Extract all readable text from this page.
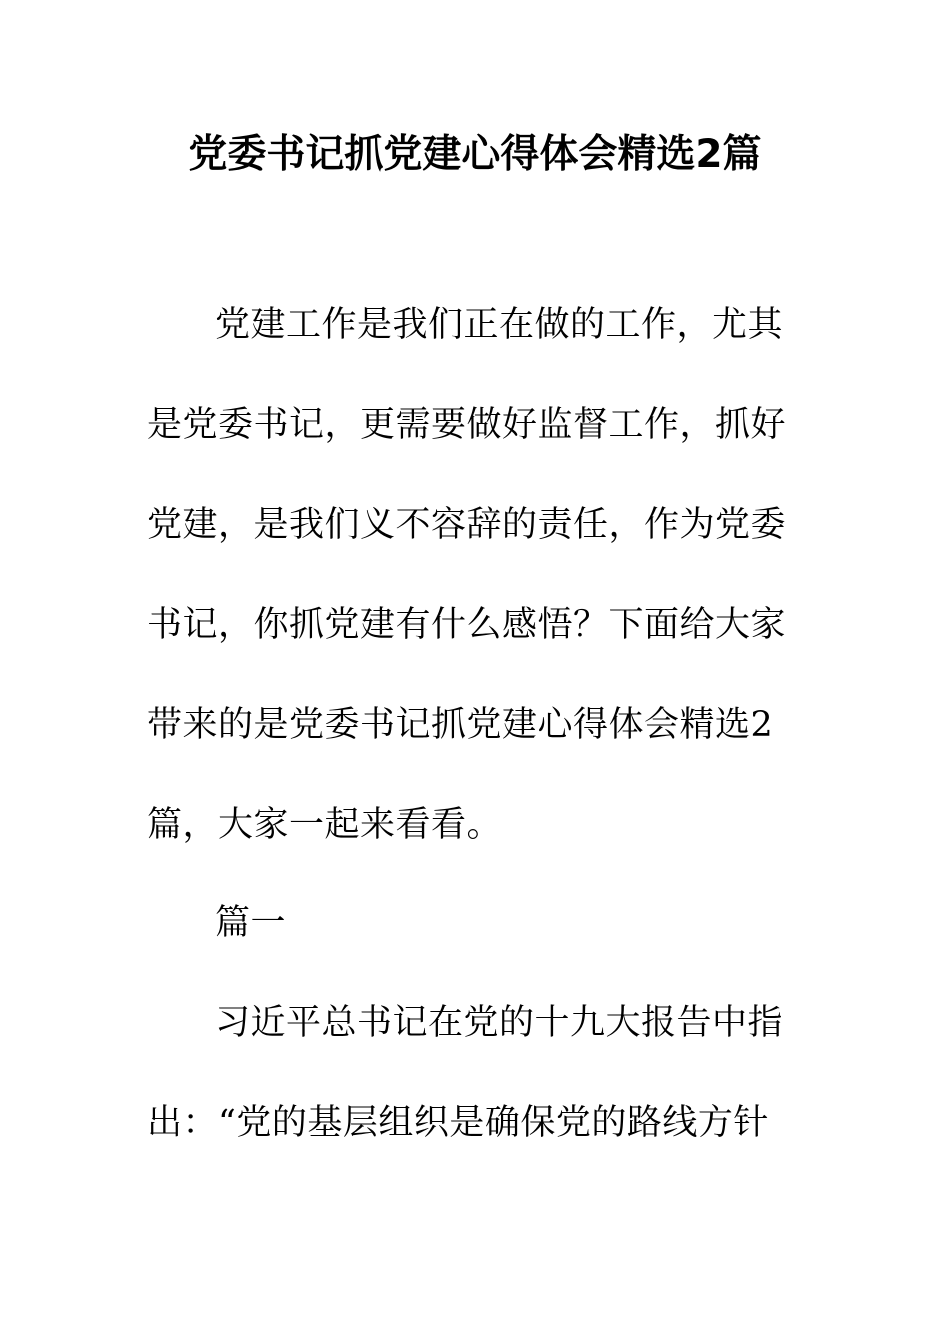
党委书记抓党建心得体会精选2篇
党建工作是我们正在做的工作，尤其
是党委书记，更需要做好监督工作，抓好
党建，是我们义不容辞的责任，作为党委
书记，你抓党建有什么感悟？下面给大家
带来的是党委书记抓党建心得体会精选2
篇，大家一起来看看。
篇一
习近平总书记在党的十九大报告中指
出：“党的基层组织是确保党的路线方针
